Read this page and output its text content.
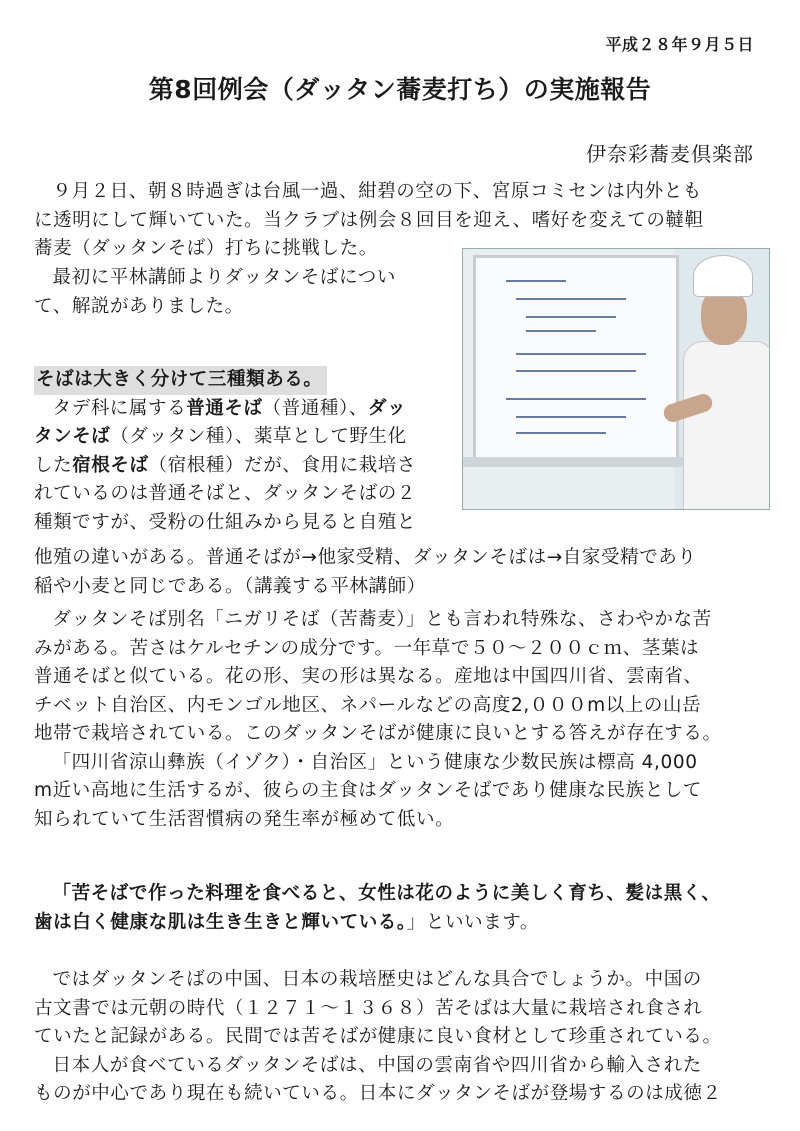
平成２８年９月５日
第8回例会（ダッタン蕎麦打ち）の実施報告
伊奈彩蕎麦倶楽部
９月２日、朝８時過ぎは台風一過、紺碧の空の下、宮原コミセンは内外とも
に透明にして輝いていた。当クラブは例会８回目を迎え、嗜好を変えての韃靼
蕎麦（ダッタンそば）打ちに挑戦した。
最初に平林講師よりダッタンそばについ
て、解説がありました。
そばは大きく分けて三種類ある。
タデ科に属する普通そば（普通種）、ダッ
タンそば（ダッタン種）、薬草として野生化
した宿根そば（宿根種）だが、食用に栽培さ
れているのは普通そばと、ダッタンそばの２
種類ですが、受粉の仕組みから見ると自殖と
他殖の違いがある。普通そばが→他家受精、ダッタンそばは→自家受精であり
稲や小麦と同じである。（講義する平林講師）
ダッタンそば別名「ニガリそば（苦蕎麦）」とも言われ特殊な、さわやかな苦
みがある。苦さはケルセチンの成分です。一年草で５０～２００ｃｍ、茎葉は
普通そばと似ている。花の形、実の形は異なる。産地は中国四川省、雲南省、
チベット自治区、内モンゴル地区、ネパールなどの高度2,０００m以上の山岳
地帯で栽培されている。このダッタンそばが健康に良いとする答えが存在する。
「四川省涼山彝族（イゾク）・自治区」という健康な少数民族は標高 4,000
m近い高地に生活するが、彼らの主食はダッタンそばであり健康な民族として
知られていて生活習慣病の発生率が極めて低い。
「苦そばで作った料理を食べると、女性は花のように美しく育ち、髪は黒く、
歯は白く健康な肌は生き生きと輝いている。」といいます。
ではダッタンそばの中国、日本の栽培歴史はどんな具合でしょうか。中国の
古文書では元朝の時代（１２７１～１３６８）苦そばは大量に栽培され食され
ていたと記録がある。民間では苦そばが健康に良い食材として珍重されている。
日本人が食べているダッタンそばは、中国の雲南省や四川省から輸入された
ものが中心であり現在も続いている。日本にダッタンそばが登場するのは成徳２
